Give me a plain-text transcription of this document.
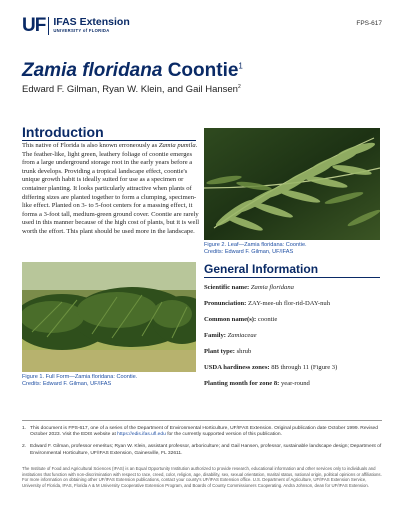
UF IFAS Extension
UNIVERSITY of FLORIDA
FPS-617
Zamia floridana Coontie$^1$
Edward F. Gilman, Ryan W. Klein, and Gail Hansen$^2$
Introduction

This native of Florida is also known erroneously as Zamia pumila. The feather-like, light green, leathery foliage of coontie emerges from a large underground storage root in the early years before a trunk develops. Providing a tropical landscape effect, coontie's unique growth habit is ideally suited for use as a specimen or container planting. It looks particularly attractive when plants of differing sizes are planted together to form a clumping, specimen-like effect. Planted on 3- to 5-foot centers for a massing effect, it forms a 3-foot tall, medium-green ground cover. Coontie are rarely used in this manner because of the high cost of plants, but it is well worth the effort. This plant should be used more in the landscape.

Figure 2. Leaf—Zamia floridana: Coontie.
Credits: Edward F. Gilman, UF/IFAS
Figure 1. Full Form—Zamia floridana: Coontie.
Credits: Edward F. Gilman, UF/IFAS
General Information
Scientific name: Zamia floridana
Pronunciation: ZAY-mee-uh flor-rid-DAY-nuh
Common name(s): coontie
Family: Zamiaceae
Plant type: shrub
USDA hardiness zones: 8B through 11 (Figure 3)
Planting month for zone 8: year-round
1. This document is FPS-617, one of a series of the Department of Environmental Horticulture, UF/IFAS Extension. Original publication date October 1999. Revised October 2023. Visit the EDIS website at https://edis.ifas.ufl.edu for the currently supported version of this publication.
2. Edward F. Gilman, professor emeritus; Ryan W. Klein, assistant professor, arboriculture; and Gail Hansen, professor, sustainable landscape design; Department of Environmental Horticulture, UF/IFAS Extension, Gainesville, FL 32611.
The Institute of Food and Agricultural Sciences (IFAS) is an Equal Opportunity Institution authorized to provide research, educational information and other services only to individuals and institutions that function with non-discrimination with respect to race, creed, color, religion, age, disability, sex, sexual orientation, marital status, national origin, political opinions or affiliations. For more information on obtaining other UF/IFAS Extension publications, contact your county's UF/IFAS Extension office. U.S. Department of Agriculture, UF/IFAS Extension Service, University of Florida, IFAS, Florida A & M University Cooperative Extension Program, and Boards of County Commissioners Cooperating. Andra Johnson, dean for UF/IFAS Extension.
